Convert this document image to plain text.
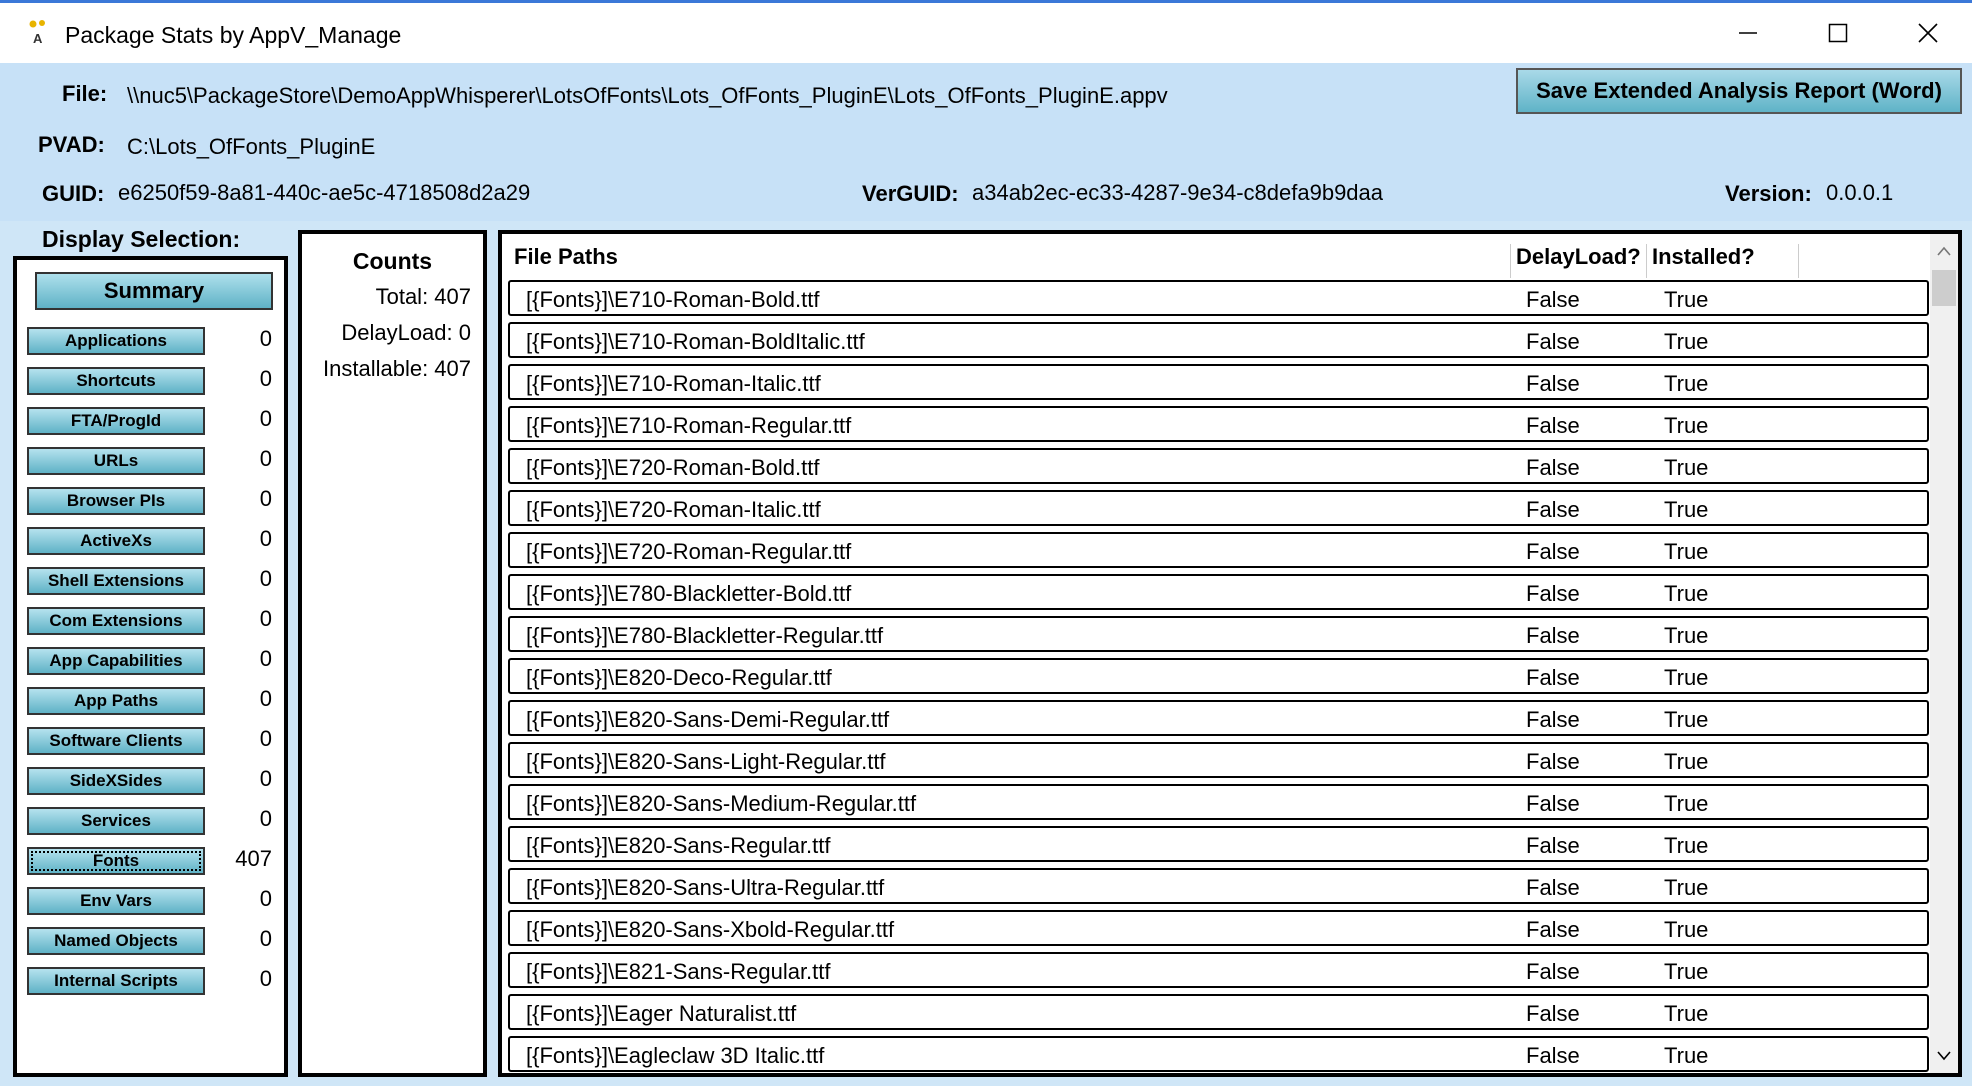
A Package Stats by AppV_Manage
File: \\nuc5\PackageStore\DemoAppWhisperer\LotsOfFonts\Lots_OfFonts_PluginE\Lots_OfFonts_PluginE.appv
PVAD: C:\Lots_OfFonts_PluginE
GUID: e6250f59-8a81-440c-ae5c-4718508d2a29	VerGUID: a34ab2ec-ec33-4287-9e34-c8defa9b9daa	Version: 0.0.0.1
Save Extended Analysis Report (Word)
Display Selection:
Summary
Applications	0
Shortcuts	0
FTA/ProgId	0
URLs	0
Browser PIs	0
ActiveXs	0
Shell Extensions	0
Com Extensions	0
App Capabilities	0
App Paths	0
Software Clients	0
SideXSides	0
Services	0
Fonts	407
Env Vars	0
Named Objects	0
Internal Scripts	0
Counts
Total: 407
DelayLoad: 0
Installable: 407
File Paths	DelayLoad? Installed?
[{Fonts}]\E710-Roman-Bold.ttf	False	True
[{Fonts}]\E710-Roman-BoldItalic.ttf	False	True
[{Fonts}]\E710-Roman-Italic.ttf	False	True
[{Fonts}]\E710-Roman-Regular.ttf	False	True
[{Fonts}]\E720-Roman-Bold.ttf	False	True
[{Fonts}]\E720-Roman-Italic.ttf	False	True
[{Fonts}]\E720-Roman-Regular.ttf	False	True
[{Fonts}]\E780-Blackletter-Bold.ttf	False	True
[{Fonts}]\E780-Blackletter-Regular.ttf	False	True
[{Fonts}]\E820-Deco-Regular.ttf	False	True
[{Fonts}]\E820-Sans-Demi-Regular.ttf	False	True
[{Fonts}]\E820-Sans-Light-Regular.ttf	False	True
[{Fonts}]\E820-Sans-Medium-Regular.ttf	False	True
[{Fonts}]\E820-Sans-Regular.ttf	False	True
[{Fonts}]\E820-Sans-Ultra-Regular.ttf	False	True
[{Fonts}]\E820-Sans-Xbold-Regular.ttf	False	True
[{Fonts}]\E821-Sans-Regular.ttf	False	True
[{Fonts}]\Eager Naturalist.ttf	False	True
[{Fonts}]\Eagleclaw 3D Italic.ttf	False	True
